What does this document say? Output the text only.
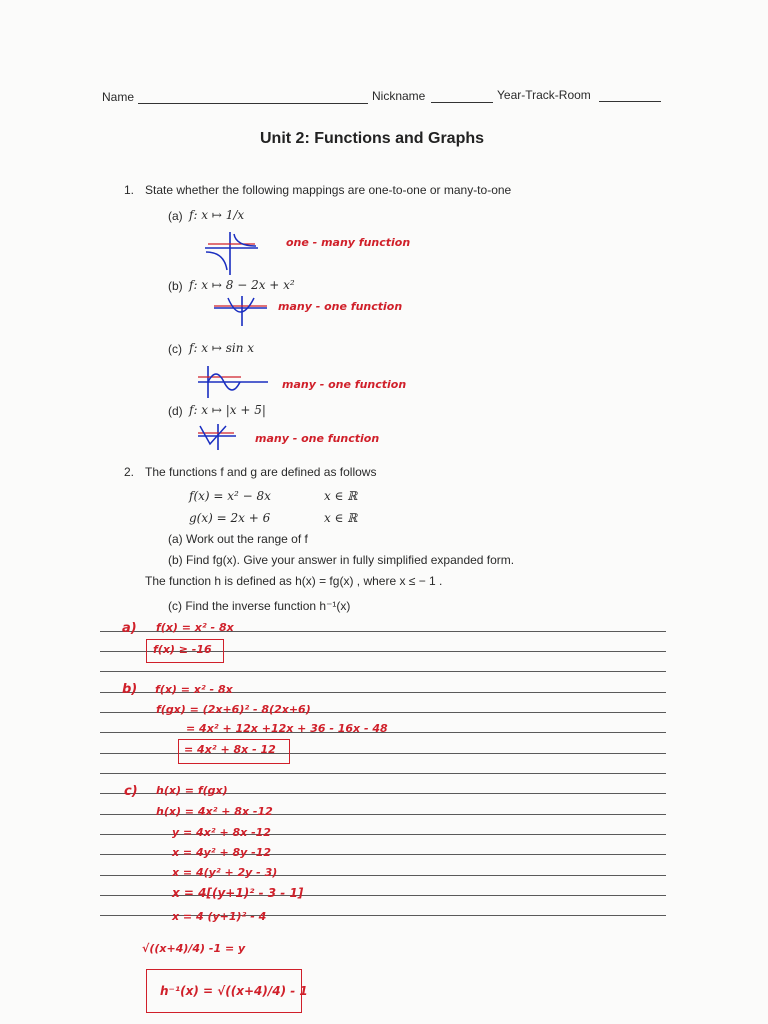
Name	Nickname	Year-Track-Room
Unit 2: Functions and Graphs
1. State whether the following mappings are one-to-one or many-to-one
(a) f: x ↦ 1/x
one - many function
(b) f: x ↦ 8 − 2x + x²
many - one function
(c) f: x ↦ sin x
many - one function
(d) f: x ↦ |x + 5|
many - one function
2. The functions f and g are defined as follows
f(x) = x² − 8x	x ∈ ℝ
g(x) = 2x + 6	x ∈ ℝ
(a) Work out the range of f
(b) Find fg(x). Give your answer in fully simplified expanded form.
The function h is defined as h(x) = fg(x) , where x ≤ − 1 .
(c) Find the inverse function h⁻¹(x)
a) f(x) = x² - 8x
f(x) ≥ -16
b) f(x) = x² - 8x
f(gx) = (2x+6)² - 8(2x+6)
= 4x² + 12x +12x + 36 - 16x - 48
= 4x² + 8x - 12
c) h(x) = f(gx)
h(x) = 4x² + 8x -12
y = 4x² + 8x -12
x = 4y² + 8y -12
x = 4(y² + 2y - 3)
x = 4[(y+1)² - 3 - 1]
x = 4 (y+1)² - 4
√((x+4)/4) -1 = y
h⁻¹(x) = √((x+4)/4) - 1
